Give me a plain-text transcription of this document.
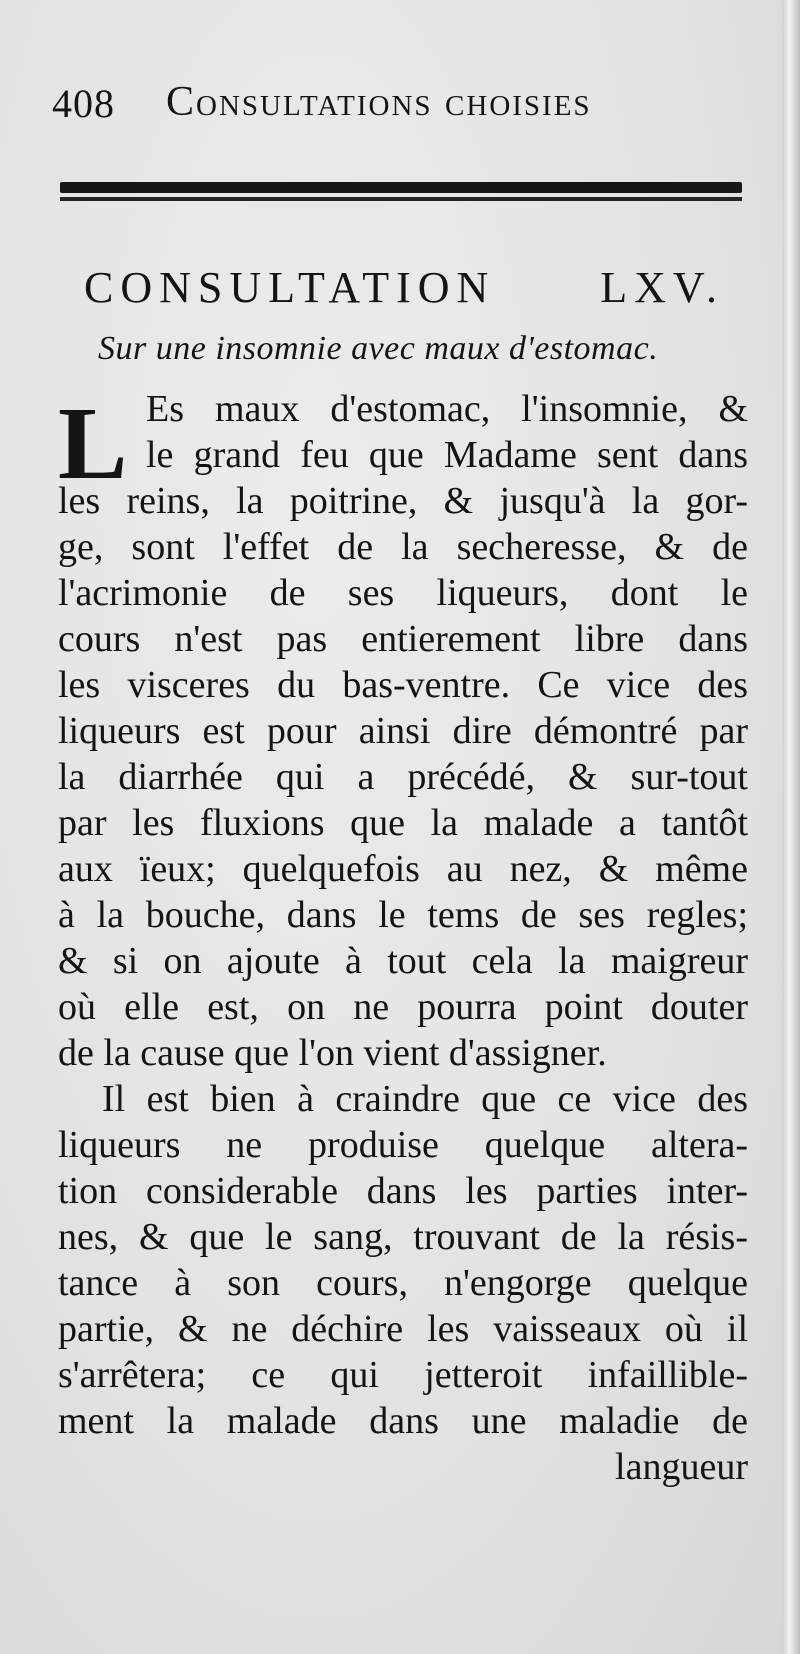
408 Consultations choisies
CONSULTATION LXV.
Sur une insomnie avec maux d'estomac.
L Es maux d'estomac, l'insomnie, &
le grand feu que Madame sent dans
les reins, la poitrine, & jusqu'à la gor-
ge, sont l'effet de la secheresse, & de
l'acrimonie de ses liqueurs, dont le
cours n'est pas entierement libre dans
les visceres du bas-ventre. Ce vice des
liqueurs est pour ainsi dire démontré par
la diarrhée qui a précédé, & sur-tout
par les fluxions que la malade a tantôt
aux ïeux; quelquefois au nez, & même
à la bouche, dans le tems de ses regles;
& si on ajoute à tout cela la maigreur
où elle est, on ne pourra point douter
de la cause que l'on vient d'assigner.
Il est bien à craindre que ce vice des
liqueurs ne produise quelque altera-
tion considerable dans les parties inter-
nes, & que le sang, trouvant de la résis-
tance à son cours, n'engorge quelque
partie, & ne déchire les vaisseaux où il
s'arrêtera; ce qui jetteroit infaillible-
ment la malade dans une maladie de
langueur
